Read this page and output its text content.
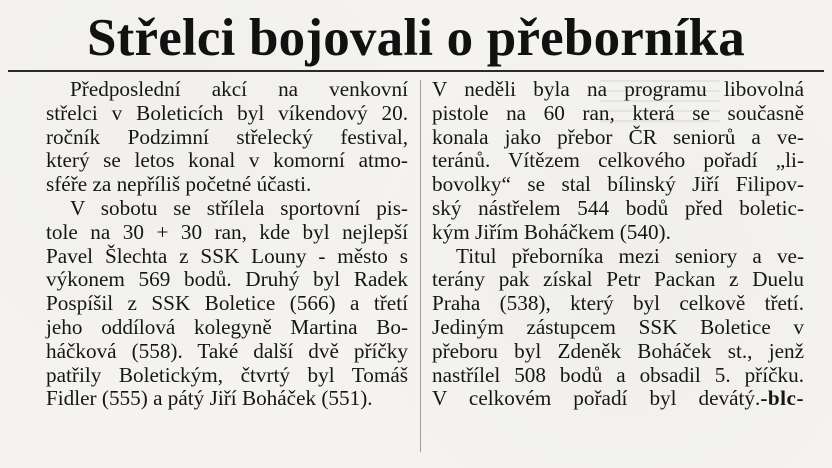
Střelci bojovali o přeborníka
Předposlední akcí na venkovní
střelci v Boleticích byl víkendový 20.
ročník Podzimní střelecký festival,
který se letos konal v komorní atmo-
sféře za nepříliš početné účasti.
V sobotu se střílela sportovní pis-
tole na 30 + 30 ran, kde byl nejlepší
Pavel Šlechta z SSK Louny - město s
výkonem 569 bodů. Druhý byl Radek
Pospíšil z SSK Boletice (566) a třetí
jeho oddílová kolegyně Martina Bo-
háčková (558). Také další dvě příčky
patřily Boletickým, čtvrtý byl Tomáš
Fidler (555) a pátý Jiří Boháček (551).
V neděli byla na programu libovolná
pistole na 60 ran, která se současně
konala jako přebor ČR seniorů a ve-
teránů. Vítězem celkového pořadí „li-
bovolky“ se stal bílinský Jiří Filipov-
ský nástřelem 544 bodů před boletic-
kým Jiřím Boháčkem (540).
Titul přeborníka mezi seniory a ve-
terány pak získal Petr Packan z Duelu
Praha (538), který byl celkově třetí.
Jediným zástupcem SSK Boletice v
přeboru byl Zdeněk Boháček st., jenž
nastřílel 508 bodů a obsadil 5. příčku.
V celkovém pořadí byl devátý. -blc-
